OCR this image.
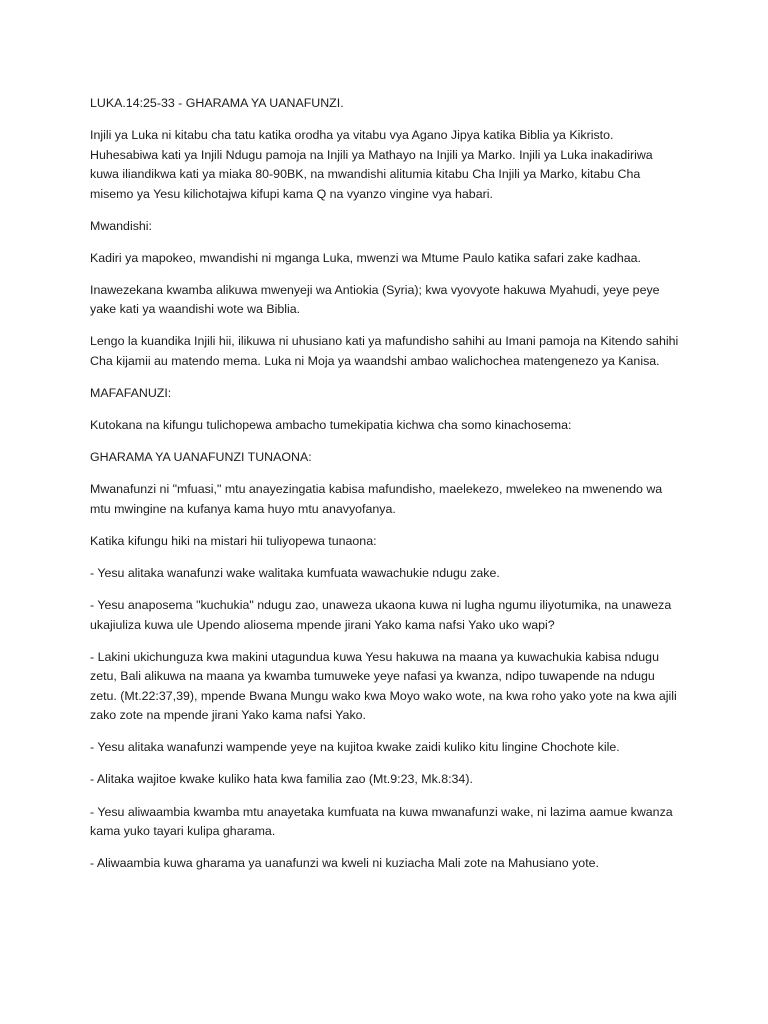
LUKA.14:25-33 - GHARAMA YA UANAFUNZI.

Injili ya Luka ni kitabu cha tatu katika orodha ya vitabu vya Agano Jipya katika Biblia ya Kikristo. Huhesabiwa kati ya Injili Ndugu pamoja na Injili ya Mathayo na Injili ya Marko. Injili ya Luka inakadiriwa kuwa iliandikwa kati ya miaka 80-90BK, na mwandishi alitumia kitabu Cha Injili ya Marko, kitabu Cha misemo ya Yesu kilichotajwa kifupi kama Q na vyanzo vingine vya habari.

Mwandishi:

Kadiri ya mapokeo, mwandishi ni mganga Luka, mwenzi wa Mtume Paulo katika safari zake kadhaa.

Inawezekana kwamba alikuwa mwenyeji wa Antiokia (Syria); kwa vyovyote hakuwa Myahudi, yeye peye yake kati ya waandishi wote wa Biblia.

Lengo la kuandika Injili hii, ilikuwa ni uhusiano kati ya mafundisho sahihi au Imani pamoja na Kitendo sahihi Cha kijamii au matendo mema. Luka ni Moja ya waandshi ambao walichochea matengenezo ya Kanisa.

MAFAFANUZI:

Kutokana na kifungu tulichopewa ambacho tumekipatia kichwa cha somo kinachosema:

GHARAMA YA UANAFUNZI TUNAONA:

Mwanafunzi ni "mfuasi," mtu anayezingatia kabisa mafundisho, maelekezo, mwelekeo na mwenendo wa mtu mwingine na kufanya kama huyo mtu anavyofanya.

Katika kifungu hiki na mistari hii tuliyopewa tunaona:

- Yesu alitaka wanafunzi wake walitaka kumfuata wawachukie ndugu zake.

- Yesu anaposema "kuchukia" ndugu zao, unaweza ukaona kuwa ni lugha ngumu iliyotumika, na unaweza ukajiuliza kuwa ule Upendo aliosema mpende jirani Yako kama nafsi Yako uko wapi?

- Lakini ukichunguza kwa makini utagundua kuwa Yesu hakuwa na maana ya kuwachukia kabisa ndugu zetu, Bali alikuwa na maana ya kwamba tumuweke yeye nafasi ya kwanza, ndipo tuwapende na ndugu zetu. (Mt.22:37,39), mpende Bwana Mungu wako kwa Moyo wako wote, na kwa roho yako yote na kwa ajili zako zote na mpende jirani Yako kama nafsi Yako.

- Yesu alitaka wanafunzi wampende yeye na kujitoa kwake zaidi kuliko kitu lingine Chochote kile.

- Alitaka wajitoe kwake kuliko hata kwa familia zao (Mt.9:23, Mk.8:34).

- Yesu aliwaambia kwamba mtu anayetaka kumfuata na kuwa mwanafunzi wake, ni lazima aamue kwanza kama yuko tayari kulipa gharama.

- Aliwaambia kuwa gharama ya uanafunzi wa kweli ni kuziacha Mali zote na Mahusiano yote.
